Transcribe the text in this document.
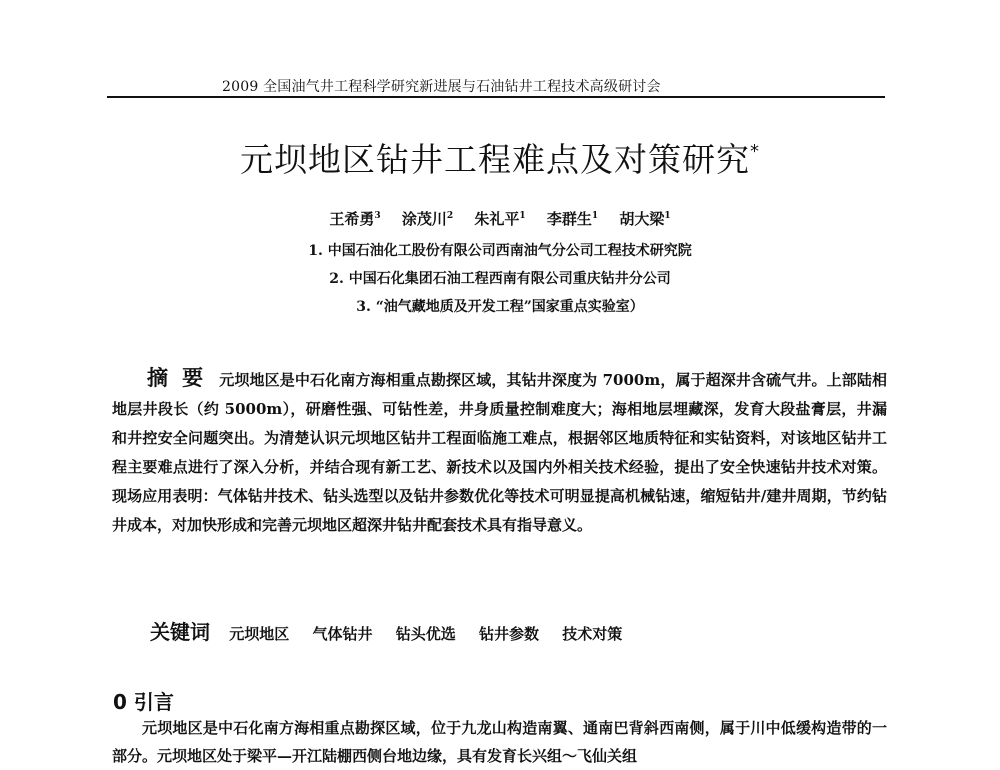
2009 全国油气井工程科学研究新进展与石油钻井工程技术高级研讨会
元坝地区钻井工程难点及对策研究*
王希勇$^3$ 涂茂川$^2$ 朱礼平$^1$ 李群生$^1$ 胡大梁$^1$
1. 中国石油化工股份有限公司西南油气分公司工程技术研究院
2. 中国石化集团石油工程西南有限公司重庆钻井分公司
3. “油气藏地质及开发工程”国家重点实验室）
摘要 元坝地区是中石化南方海相重点勘探区域，其钻井深度为 7000m，属于超深井含硫气井。上部陆相地层井段长（约 5000m），研磨性强、可钻性差，井身质量控制难度大；海相地层埋藏深，发育大段盐膏层，井漏和井控安全问题突出。为清楚认识元坝地区钻井工程面临施工难点，根据邻区地质特征和实钻资料，对该地区钻井工程主要难点进行了深入分析，并结合现有新工艺、新技术以及国内外相关技术经验，提出了安全快速钻井技术对策。现场应用表明：气体钻井技术、钻头选型以及钻井参数优化等技术可明显提高机械钻速，缩短钻井/建井周期，节约钻井成本，对加快形成和完善元坝地区超深井钻井配套技术具有指导意义。
关键词 元坝地区 气体钻井 钻头优选 钻井参数 技术对策
0 引言
元坝地区是中石化南方海相重点勘探区域，位于九龙山构造南翼、通南巴背斜西南侧，属于川中低缓构造带的一部分。元坝地区处于梁平—开江陆棚西侧台地边缘，具有发育长兴组～飞仙关组
